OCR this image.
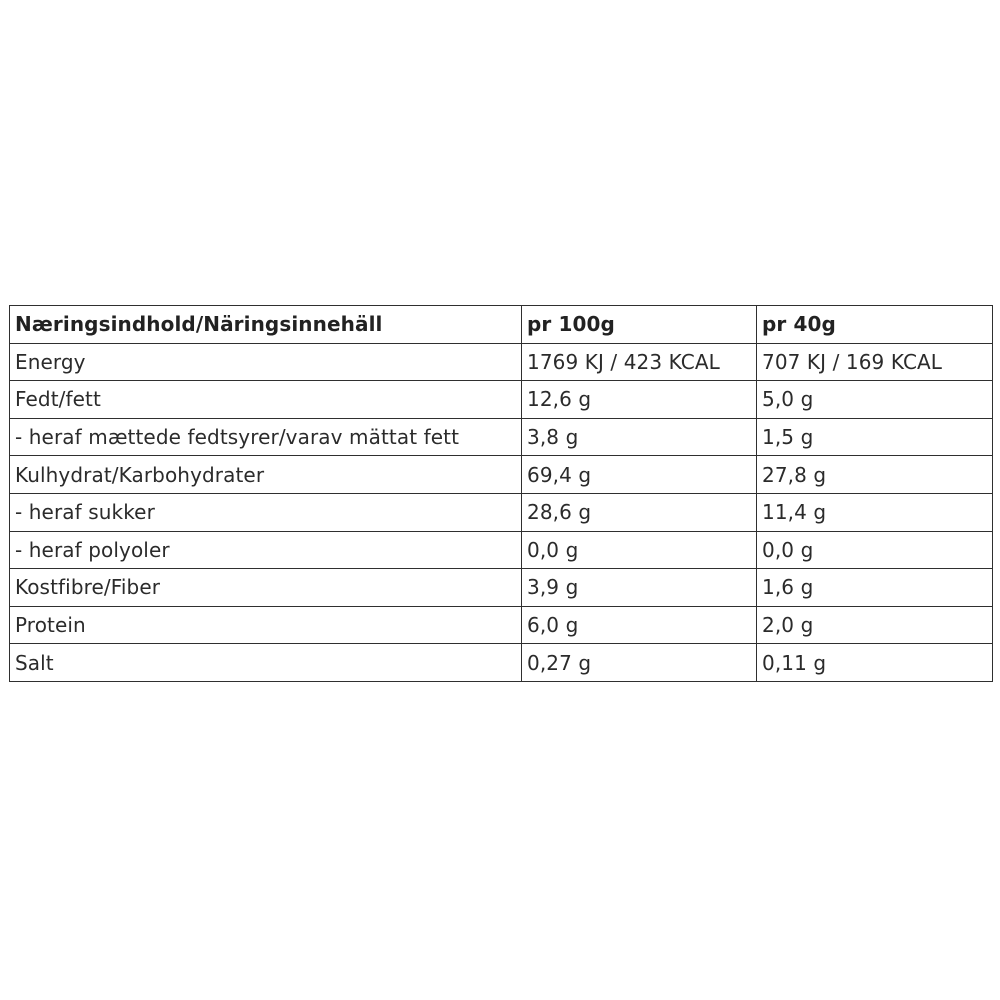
Næringsindhold/Näringsinnehäll	pr 100g	pr 40g
Energy	1769 KJ / 423 KCAL	707 KJ / 169 KCAL
Fedt/fett	12,6 g	5,0 g
- heraf mættede fedtsyrer/varav mättat fett	3,8 g	1,5 g
Kulhydrat/Karbohydrater	69,4 g	27,8 g
- heraf sukker	28,6 g	11,4 g
- heraf polyoler	0,0 g	0,0 g
Kostfibre/Fiber	3,9 g	1,6 g
Protein	6,0 g	2,0 g
Salt	0,27 g	0,11 g
